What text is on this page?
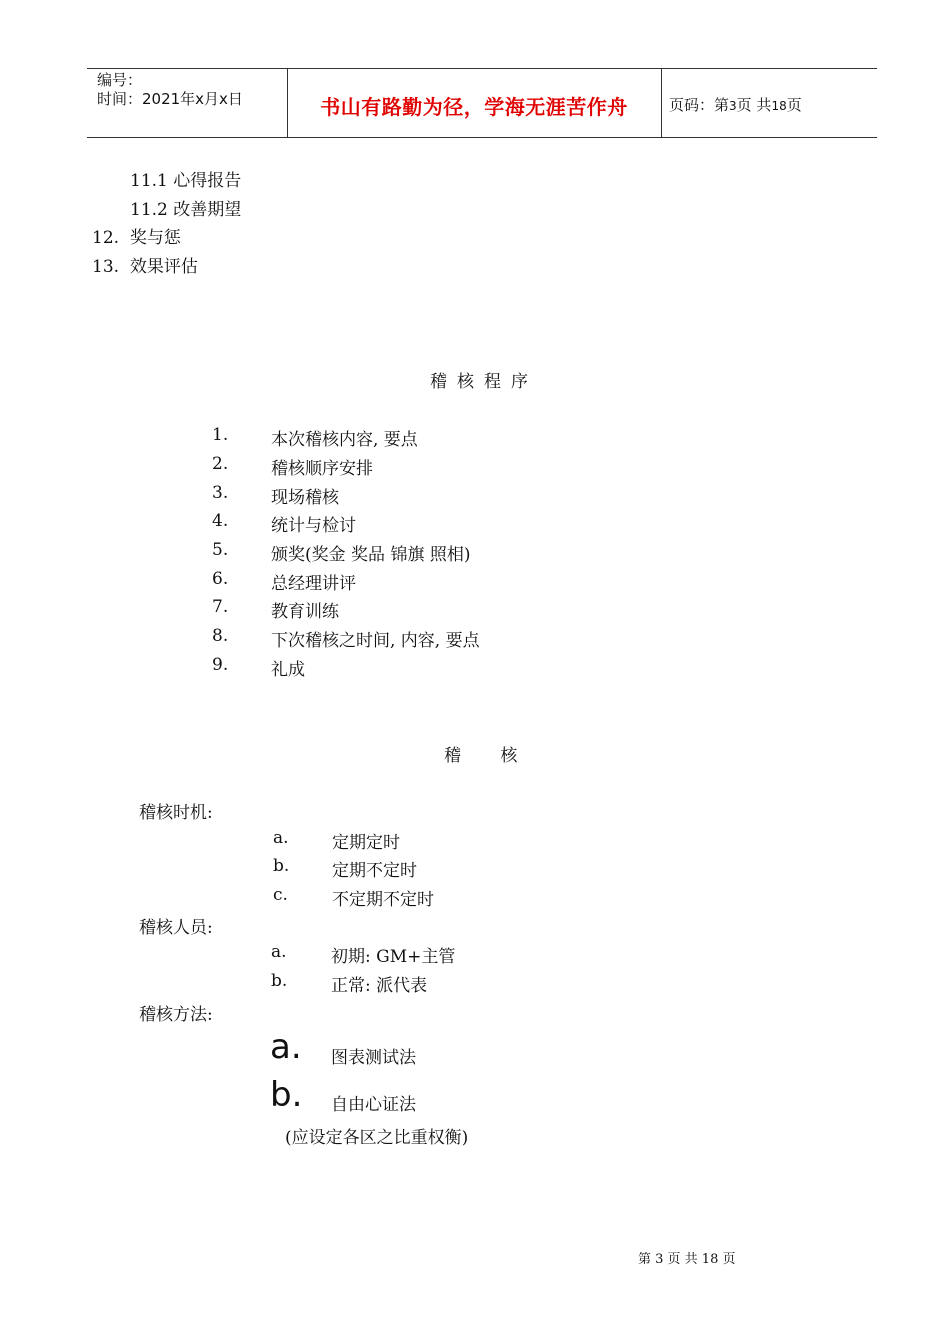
编号：
时间：2021年x月x日	书山有路勤为径，学海无涯苦作舟	页码：第3页 共18页
11.1 心得报告
11.2 改善期望
12. 奖与惩
13. 效果评估
稽核程序
1.	本次稽核内容, 要点
2.	稽核顺序安排
3.	现场稽核
4.	统计与检讨
5.	颁奖(奖金 奖品 锦旗 照相)
6.	总经理讲评
7.	教育训练
8.	下次稽核之时间, 内容, 要点
9.	礼成
稽 核
稽核时机:
a.	定期定时
b.	定期不定时
c.	不定期不定时
稽核人员:
a.	初期: GM+主管
b.	正常: 派代表
稽核方法:
a. 图表测试法
b. 自由心证法
(应设定各区之比重权衡)
第 3 页 共 18 页
